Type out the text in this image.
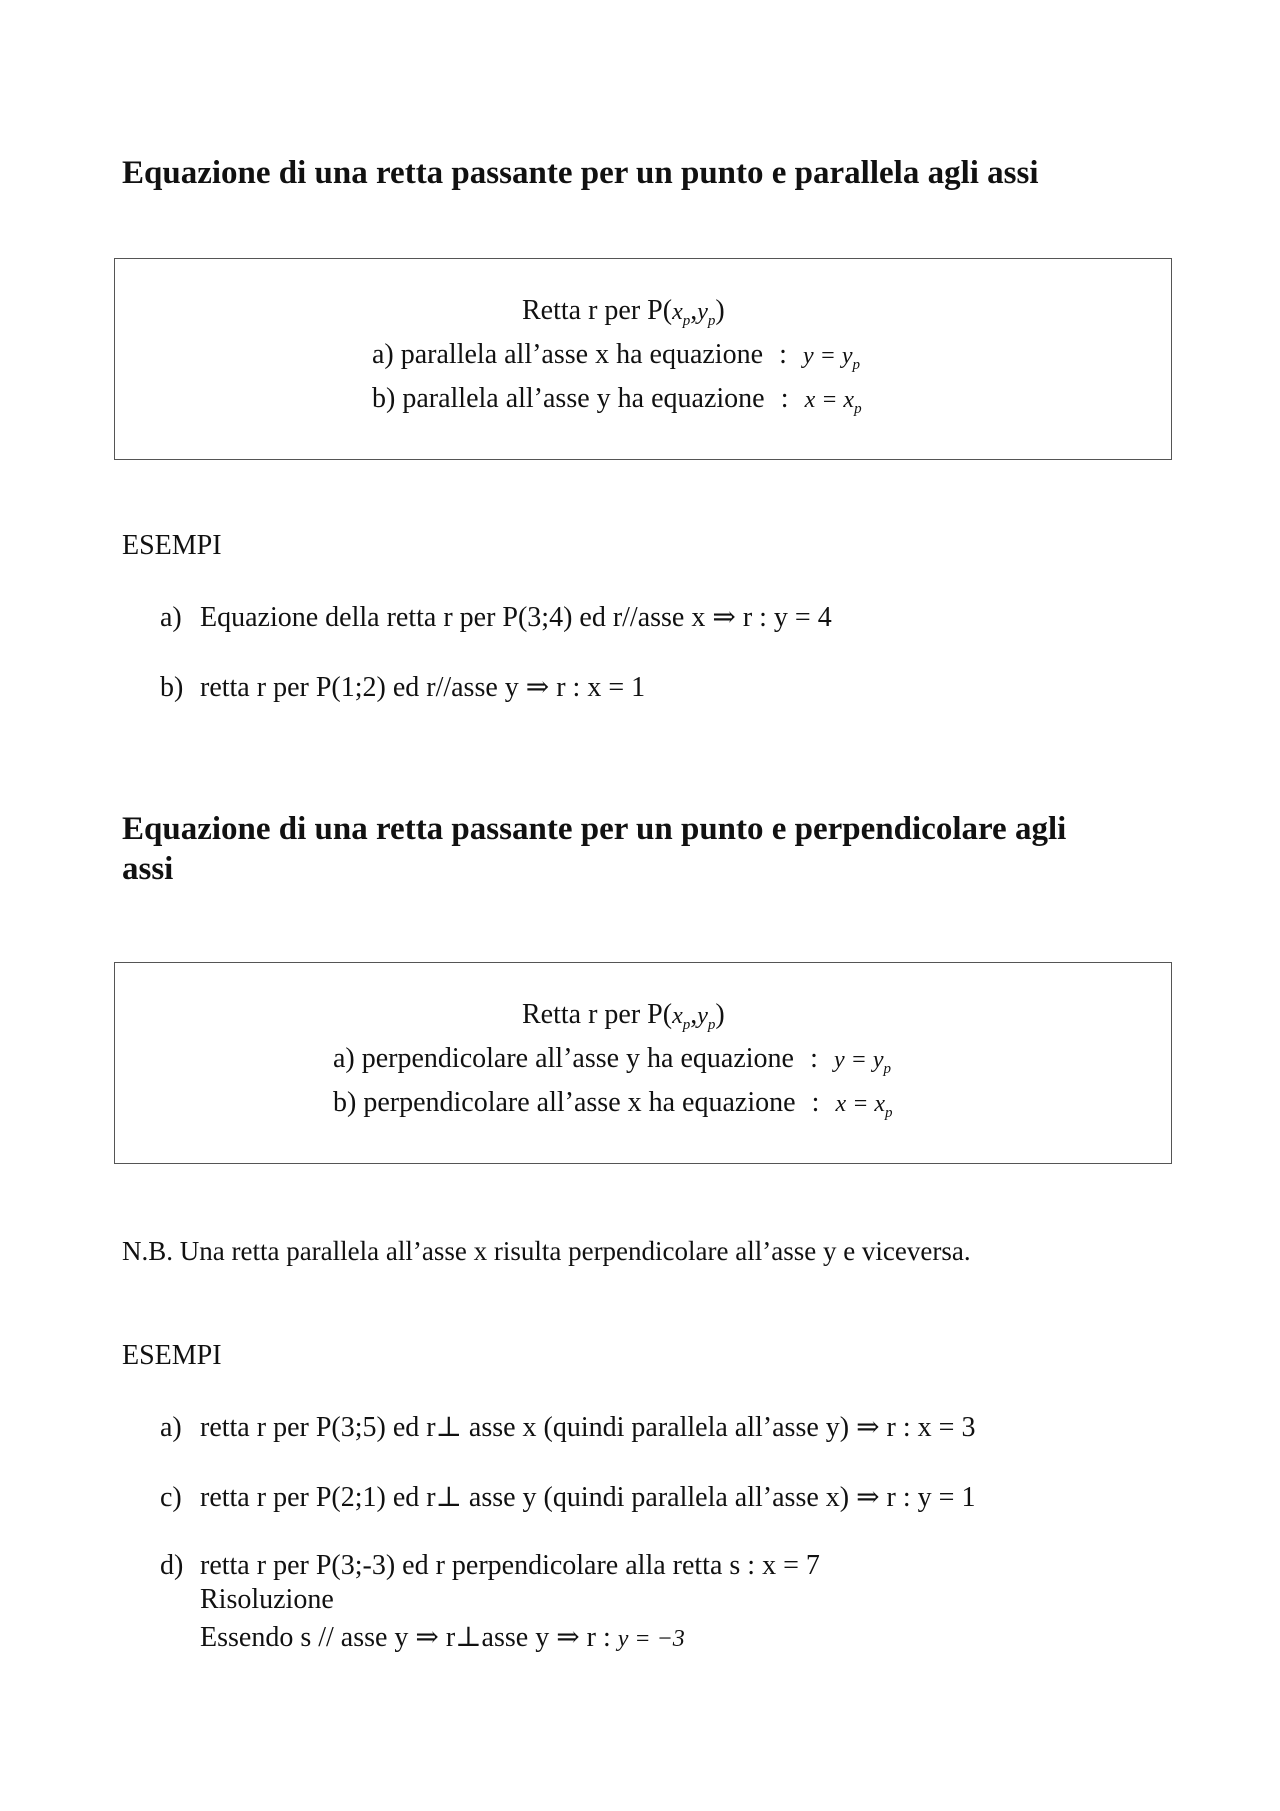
Equazione di una retta passante per un punto e parallela agli assi
Retta r per $P(x_p,y_p)$
a) parallela all’asse x ha equazione : $y = y_p$
b) parallela all’asse y ha equazione : $x = x_p$
ESEMPI
a) Equazione della retta r per P(3;4) ed r//asse x ⇒ r : y = 4
b) retta r per P(1;2) ed r//asse y ⇒ r : x = 1
Equazione di una retta passante per un punto e perpendicolare agli
assi
Retta r per $P(x_p,y_p)$
a) perpendicolare all’asse y ha equazione : $y = y_p$
b) perpendicolare all’asse x ha equazione : $x = x_p$
N.B. Una retta parallela all’asse x risulta perpendicolare all’asse y e viceversa.
ESEMPI
a) retta r per P(3;5) ed r⊥ asse x (quindi parallela all’asse y) ⇒ r : x = 3
c) retta r per P(2;1) ed r⊥ asse y (quindi parallela all’asse x) ⇒ r : y = 1
d) retta r per P(3;-3) ed r perpendicolare alla retta s : x = 7
Risoluzione
Essendo s // asse y ⇒ r⊥asse y ⇒ r : y = −3
